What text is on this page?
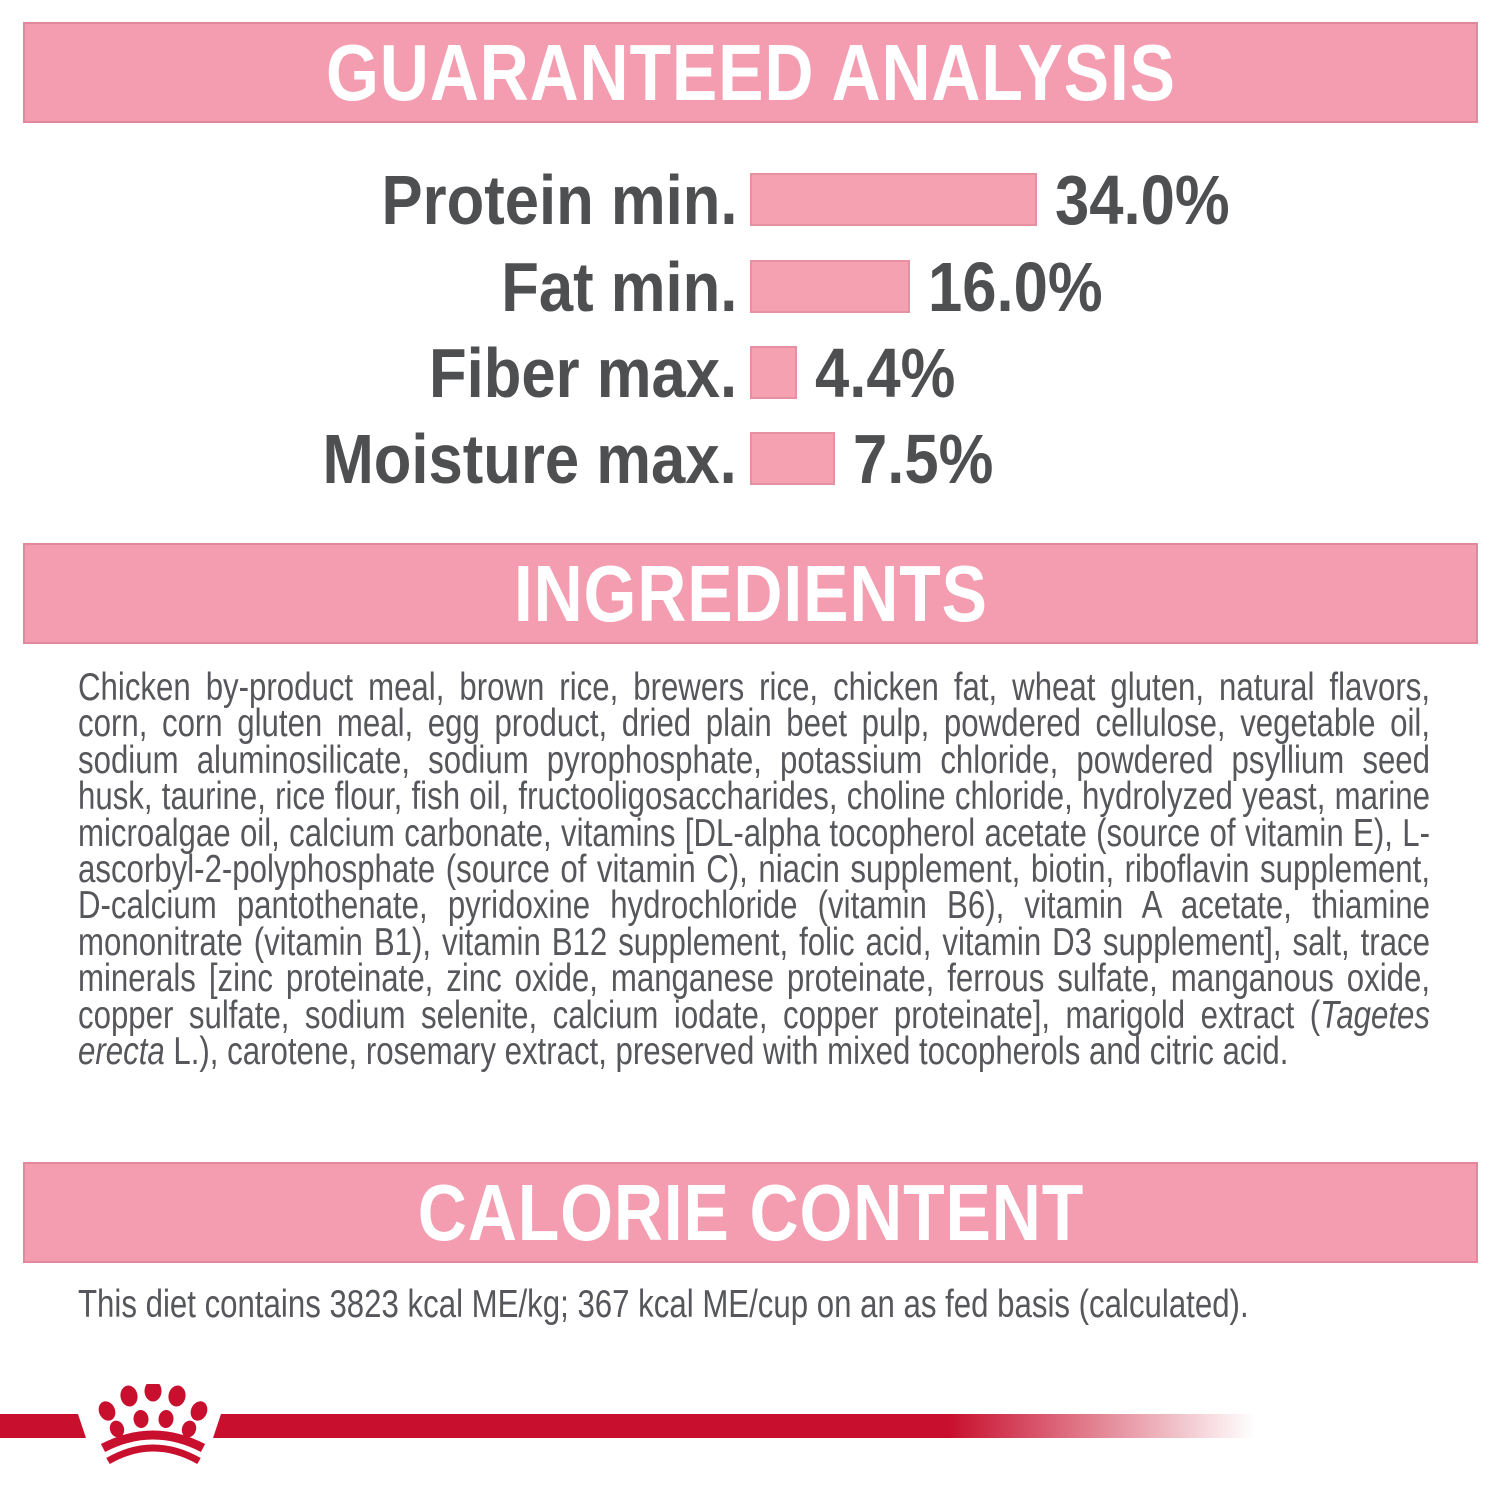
GUARANTEED ANALYSIS
Protein min.	34.0%
Fat min.	16.0%
Fiber max. 4.4%
Moisture max. 7.5%
INGREDIENTS
Chicken by-product meal, brown rice, brewers rice, chicken fat, wheat gluten, natural flavors, corn, corn gluten meal, egg product, dried plain beet pulp, powdered cellulose, vegetable oil, sodium aluminosilicate, sodium pyrophosphate, potassium chloride, powdered psyllium seed husk, taurine, rice flour, fish oil, fructooligosaccharides, choline chloride, hydrolyzed yeast, marine microalgae oil, calcium carbonate, vitamins [DL-alpha tocopherol acetate (source of vitamin E), L-ascorbyl-2-polyphosphate (source of vitamin C), niacin supplement, biotin, riboflavin supplement, D-calcium pantothenate, pyridoxine hydrochloride (vitamin B6), vitamin A acetate, thiamine mononitrate (vitamin B1), vitamin B12 supplement, folic acid, vitamin D3 supplement], salt, trace minerals [zinc proteinate, zinc oxide, manganese proteinate, ferrous sulfate, manganous oxide, copper sulfate, sodium selenite, calcium iodate, copper proteinate], marigold extract (Tagetes erecta L.), carotene, rosemary extract, preserved with mixed tocopherols and citric acid.
CALORIE CONTENT
This diet contains 3823 kcal ME/kg; 367 kcal ME/cup on an as fed basis (calculated).
